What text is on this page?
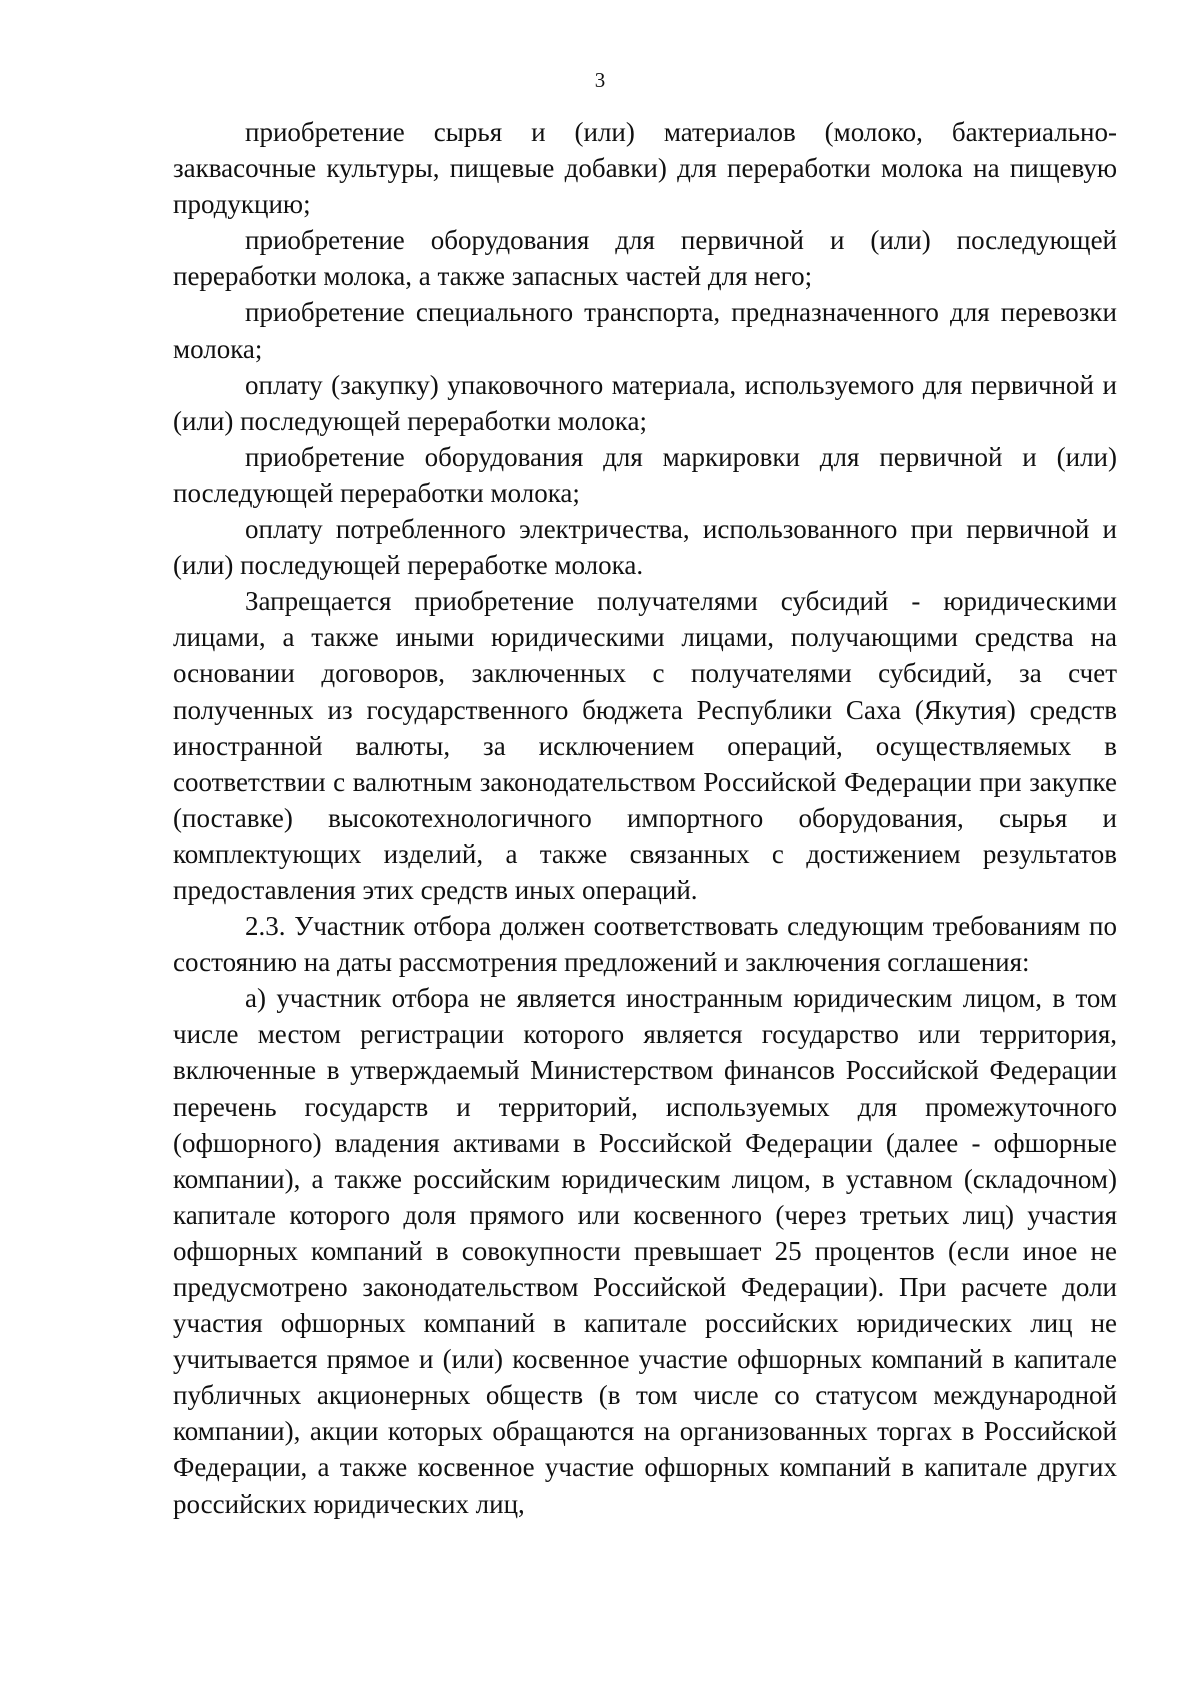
3

приобретение сырья и (или) материалов (молоко, бактериально-заквасочные культуры, пищевые добавки) для переработки молока на пищевую продукцию;

приобретение оборудования для первичной и (или) последующей переработки молока, а также запасных частей для него;

приобретение специального транспорта, предназначенного для перевозки молока;

оплату (закупку) упаковочного материала, используемого для первичной и (или) последующей переработки молока;

приобретение оборудования для маркировки для первичной и (или) последующей переработки молока;

оплату потребленного электричества, использованного при первичной и (или) последующей переработке молока.

Запрещается приобретение получателями субсидий - юридическими лицами, а также иными юридическими лицами, получающими средства на основании договоров, заключенных с получателями субсидий, за счет полученных из государственного бюджета Республики Саха (Якутия) средств иностранной валюты, за исключением операций, осуществляемых в соответствии с валютным законодательством Российской Федерации при закупке (поставке) высокотехнологичного импортного оборудования, сырья и комплектующих изделий, а также связанных с достижением результатов предоставления этих средств иных операций.

2.3. Участник отбора должен соответствовать следующим требованиям по состоянию на даты рассмотрения предложений и заключения соглашения:

а) участник отбора не является иностранным юридическим лицом, в том числе местом регистрации которого является государство или территория, включенные в утверждаемый Министерством финансов Российской Федерации перечень государств и территорий, используемых для промежуточного (офшорного) владения активами в Российской Федерации (далее - офшорные компании), а также российским юридическим лицом, в уставном (складочном) капитале которого доля прямого или косвенного (через третьих лиц) участия офшорных компаний в совокупности превышает 25 процентов (если иное не предусмотрено законодательством Российской Федерации). При расчете доли участия офшорных компаний в капитале российских юридических лиц не учитывается прямое и (или) косвенное участие офшорных компаний в капитале публичных акционерных обществ (в том числе со статусом международной компании), акции которых обращаются на организованных торгах в Российской Федерации, а также косвенное участие офшорных компаний в капитале других российских юридических лиц,
